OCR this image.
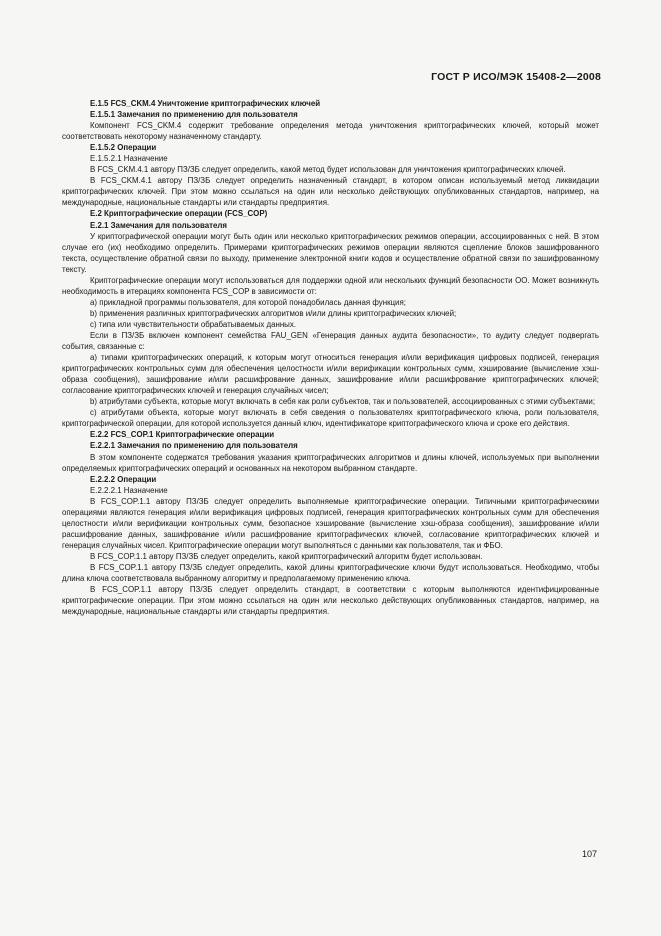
ГОСТ Р ИСО/МЭК 15408-2—2008

E.1.5 FCS_CKM.4 Уничтожение криптографических ключей

E.1.5.1 Замечания по применению для пользователя

Компонент FCS_CKM.4 содержит требование определения метода уничтожения криптографических ключей, который может соответствовать некоторому назначенному стандарту.

E.1.5.2 Операции

E.1.5.2.1 Назначение

В FCS_CKM.4.1 автору ПЗ/ЗБ следует определить, какой метод будет использован для уничтожения криптографических ключей.

В FCS_CKM.4.1 автору ПЗ/ЗБ следует определить назначенный стандарт, в котором описан используемый метод ликвидации криптографических ключей. При этом можно ссылаться на один или несколько действующих опубликованных стандартов, например, на международные, национальные стандарты или стандарты предприятия.

E.2 Криптографические операции (FCS_COP)

E.2.1 Замечания для пользователя

У криптографической операции могут быть один или несколько криптографических режимов операции, ассоциированных с ней. В этом случае его (их) необходимо определить. Примерами криптографических режимов операции являются сцепление блоков зашифрованного текста, осуществление обратной связи по выходу, применение электронной книги кодов и осуществление обратной связи по зашифрованному тексту.

Криптографические операции могут использоваться для поддержки одной или нескольких функций безопасности ОО. Может возникнуть необходимость в итерациях компонента FCS_COP в зависимости от:

a) прикладной программы пользователя, для которой понадобилась данная функция;

b) применения различных криптографических алгоритмов и/или длины криптографических ключей;

c) типа или чувствительности обрабатываемых данных.

Если в ПЗ/ЗБ включен компонент семейства FAU_GEN «Генерация данных аудита безопасности», то аудиту следует подвергать события, связанные с:

a) типами криптографических операций, к которым могут относиться генерация и/или верификация цифровых подписей, генерация криптографических контрольных сумм для обеспечения целостности и/или верификации контрольных сумм, хэширование (вычисление хэш-образа сообщения), зашифрование и/или расшифрование данных, зашифрование и/или расшифрование криптографических ключей; согласование криптографических ключей и генерация случайных чисел;

b) атрибутами субъекта, которые могут включать в себя как роли субъектов, так и пользователей, ассоциированных с этими субъектами;

c) атрибутами объекта, которые могут включать в себя сведения о пользователях криптографического ключа, роли пользователя, криптографической операции, для которой используется данный ключ, идентификаторе криптографического ключа и сроке его действия.

E.2.2 FCS_COP.1 Криптографические операции

E.2.2.1 Замечания по применению для пользователя

В этом компоненте содержатся требования указания криптографических алгоритмов и длины ключей, используемых при выполнении определяемых криптографических операций и основанных на некотором выбранном стандарте.

E.2.2.2 Операции

E.2.2.2.1 Назначение

В FCS_COP.1.1 автору ПЗ/ЗБ следует определить выполняемые криптографические операции. Типичными криптографическими операциями являются генерация и/или верификация цифровых подписей, генерация криптографических контрольных сумм для обеспечения целостности и/или верификации контрольных сумм, безопасное хэширование (вычисление хэш-образа сообщения), зашифрование и/или расшифрование данных, зашифрование и/или расшифрование криптографических ключей, согласование криптографических ключей и генерация случайных чисел. Криптографические операции могут выполняться с данными как пользователя, так и ФБО.

В FCS_COP.1.1 автору ПЗ/ЗБ следует определить, какой криптографический алгоритм будет использован.

В FCS_COP.1.1 автору ПЗ/ЗБ следует определить, какой длины криптографические ключи будут использоваться. Необходимо, чтобы длина ключа соответствовала выбранному алгоритму и предполагаемому применению ключа.

В FCS_COP.1.1 автору ПЗ/ЗБ следует определить стандарт, в соответствии с которым выполняются идентифицированные криптографические операции. При этом можно ссылаться на один или несколько действующих опубликованных стандартов, например, на международные, национальные стандарты или стандарты предприятия.

107
